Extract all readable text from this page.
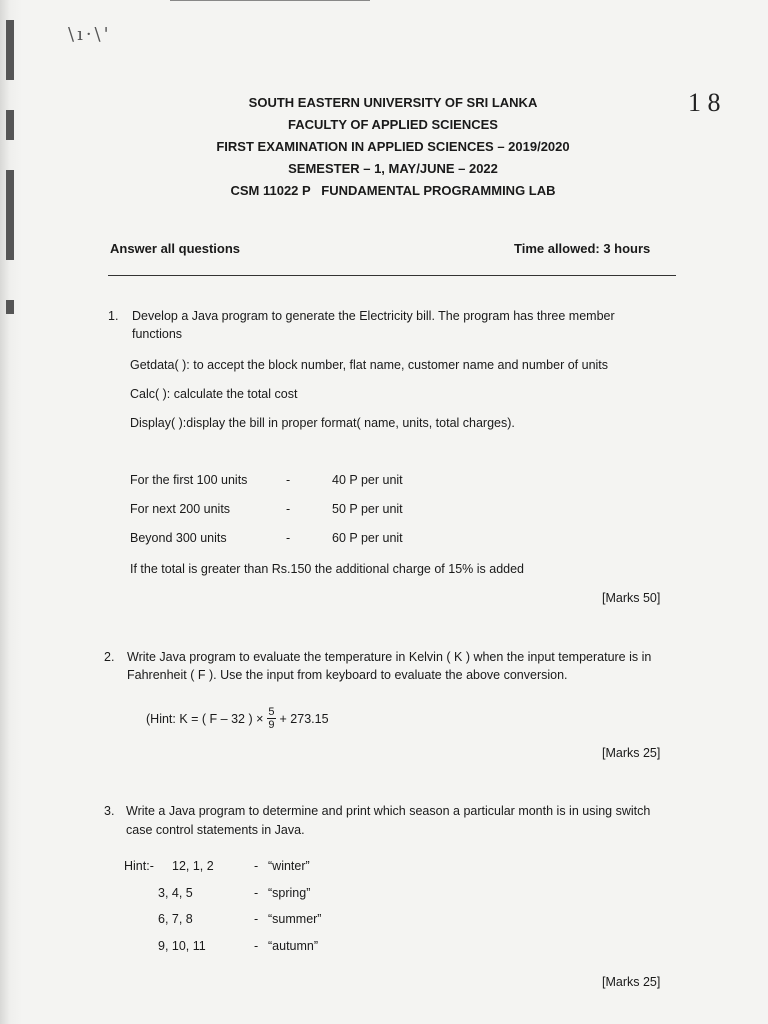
\ı·\'
1 8
SOUTH EASTERN UNIVERSITY OF SRI LANKA
FACULTY OF APPLIED SCIENCES
FIRST EXAMINATION IN APPLIED SCIENCES – 2019/2020
SEMESTER – 1, MAY/JUNE – 2022
CSM 11022 P   FUNDAMENTAL PROGRAMMING LAB
Answer all questions	Time allowed: 3 hours
1. Develop a Java program to generate the Electricity bill. The program has three member
functions
Getdata( ): to accept the block number, flat name, customer name and number of units
Calc( ): calculate the total cost
Display( ):display the bill in proper format( name, units, total charges).
For the first 100 units	-	40 P per unit
For next 200 units	-	50 P per unit
Beyond 300 units	-	60 P per unit
If the total is greater than Rs.150 the additional charge of 15% is added
[Marks 50]
2. Write Java program to evaluate the temperature in Kelvin ( K ) when the input temperature is in
Fahrenheit ( F ). Use the input from keyboard to evaluate the above conversion.
(Hint: K = ( F – 32 ) × $\frac{5}{9} + 273.15$
[Marks 25]
3. Write a Java program to determine and print which season a particular month is in using switch
case control statements in Java.
Hint:- 12, 1, 2	- “winter”
3, 4, 5	- “spring”
6, 7, 8	- “summer”
9, 10, 11	- “autumn”
[Marks 25]
